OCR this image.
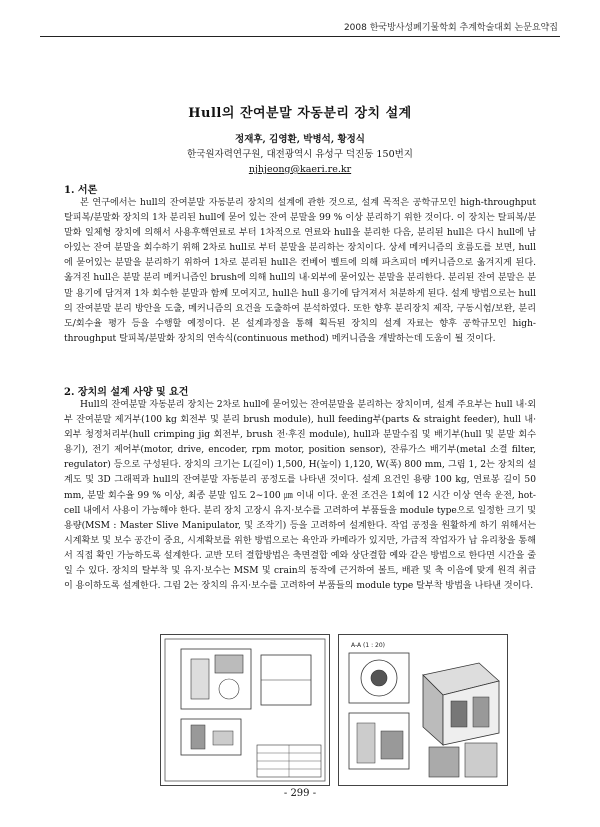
2008 한국방사성폐기물학회 추계학술대회 논문요약집
Hull의 잔여분말 자동분리 장치 설계
정재후, 김영환, 박병석, 황정식
한국원자력연구원, 대전광역시 유성구 덕진동 150번지
njhjeong@kaeri.re.kr
1. 서론

본 연구에서는 hull의 잔여분말 자동분리 장치의 설계에 관한 것으로, 설계 목적은 공학규모인 high-throughput 탈피복/분말화 장치의 1차 분리된 hull에 묻어 있는 잔여 분말을 99 % 이상 분리하기 위한 것이다. 이 장치는 탈피복/분말화 일체형 장치에 의해서 사용후핵연료로 부터 1차적으로 연료와 hull을 분리한 다음, 분리된 hull은 다시 hull에 남아있는 잔여 분말을 회수하기 위해 2차로 hull로 부터 분말을 분리하는 장치이다. 상세 메커니즘의 흐름도를 보면, hull에 묻어있는 분말을 분리하기 위하여 1차로 분리된 hull은 컨베어 벨트에 의해 파츠피더 메커니즘으로 옮겨지게 된다. 옮겨진 hull은 분말 분리 메커니즘인 brush에 의해 hull의 내·외부에 묻어있는 분말을 분리한다. 분리된 잔여 분말은 분말 용기에 담겨져 1차 회수한 분말과 함께 모여지고, hull은 hull 용기에 담겨져서 처분하게 된다. 설계 방법으로는 hull의 잔여분말 분리 방안을 도출, 메커니즘의 요건을 도출하여 분석하였다. 또한 향후 분리장치 제작, 구동시험/보완, 분리도/회수율 평가 등을 수행할 예정이다. 본 설계과정을 통해 획득된 장치의 설계 자료는 향후 공학규모인 high-throughput 탈피복/분말화 장치의 연속식(continuous method) 메커니즘을 개발하는데 도움이 될 것이다.

2. 장치의 설계 사양 및 요건

Hull의 잔여분말 자동분리 장치는 2차로 hull에 묻어있는 잔여분말을 분리하는 장치이며, 설계 주요부는 hull 내·외부 잔여분말 제거부(100 kg 회전부 및 분리 brush module), hull feeding부(parts & straight feeder), hull 내·외부 청정처리부(hull crimping jig 회전부, brush 전·후진 module), hull과 분말수집 및 배기부(hull 및 분말 회수 용기), 전기 제어부(motor, drive, encoder, rpm motor, position sensor), 잔류가스 배기부(metal 소결 filter, regulator) 등으로 구성된다. 장치의 크기는 L(길이) 1,500, H(높이) 1,120, W(폭) 800 mm, 그림 1, 2는 장치의 설계도 및 3D 그래픽과 hull의 잔여분말 자동분리 공정도를 나타낸 것이다. 설계 요건인 용량 100 kg, 연료봉 길이 50 mm, 분말 회수율 99 % 이상, 최종 분말 입도 2∼100 ㎛ 이내 이다. 운전 조건은 1회에 12 시간 이상 연속 운전, hot-cell 내에서 사용이 가능해야 한다. 분리 장치 고장시 유지·보수를 고려하여 부품들을 module type으로 일정한 크기 및 용량(MSM : Master Slive Manipulator, 및 조작기) 등을 고려하여 설계한다. 작업 공정을 원활하게 하기 위해서는 시계확보 및 보수 공간이 중요, 시계확보를 위한 방법으로는 육안과 카메라가 있지만, 가급적 작업자가 납 유리창을 통해서 직접 확인 가능하도록 설계한다. 교반 모터 결합방법은 축면결합 예와 상단결합 예와 같은 방법으로 한다면 시간을 줄일 수 있다. 장치의 탈부착 및 유지·보수는 MSM 및 crain의 동작에 근거하여 볼트, 배관 및 축 이음에 맞게 원격 취급이 용이하도록 설계한다. 그림 2는 장치의 유지·보수를 고려하여 부품들의 module type 탈부착 방법을 나타낸 것이다.

A-A (1 : 20)
- 299 -
